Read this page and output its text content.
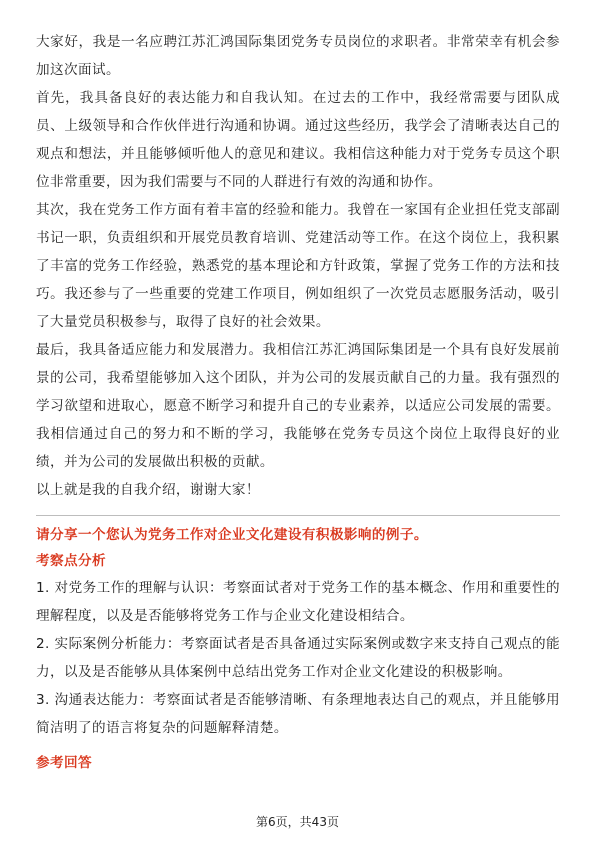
大家好，我是一名应聘江苏汇鸿国际集团党务专员岗位的求职者。非常荣幸有机会参加这次面试。

首先，我具备良好的表达能力和自我认知。在过去的工作中，我经常需要与团队成员、上级领导和合作伙伴进行沟通和协调。通过这些经历，我学会了清晰表达自己的观点和想法，并且能够倾听他人的意见和建议。我相信这种能力对于党务专员这个职位非常重要，因为我们需要与不同的人群进行有效的沟通和协作。

其次，我在党务工作方面有着丰富的经验和能力。我曾在一家国有企业担任党支部副书记一职，负责组织和开展党员教育培训、党建活动等工作。在这个岗位上，我积累了丰富的党务工作经验，熟悉党的基本理论和方针政策，掌握了党务工作的方法和技巧。我还参与了一些重要的党建工作项目，例如组织了一次党员志愿服务活动，吸引了大量党员积极参与，取得了良好的社会效果。

最后，我具备适应能力和发展潜力。我相信江苏汇鸿国际集团是一个具有良好发展前景的公司，我希望能够加入这个团队，并为公司的发展贡献自己的力量。我有强烈的学习欲望和进取心，愿意不断学习和提升自己的专业素养，以适应公司发展的需要。我相信通过自己的努力和不断的学习，我能够在党务专员这个岗位上取得良好的业绩，并为公司的发展做出积极的贡献。

以上就是我的自我介绍，谢谢大家！

请分享一个您认为党务工作对企业文化建设有积极影响的例子。

考察点分析

1. 对党务工作的理解与认识：考察面试者对于党务工作的基本概念、作用和重要性的理解程度，以及是否能够将党务工作与企业文化建设相结合。

2. 实际案例分析能力：考察面试者是否具备通过实际案例或数字来支持自己观点的能力，以及是否能够从具体案例中总结出党务工作对企业文化建设的积极影响。

3. 沟通表达能力：考察面试者是否能够清晰、有条理地表达自己的观点，并且能够用简洁明了的语言将复杂的问题解释清楚。

参考回答

第6页，共43页
